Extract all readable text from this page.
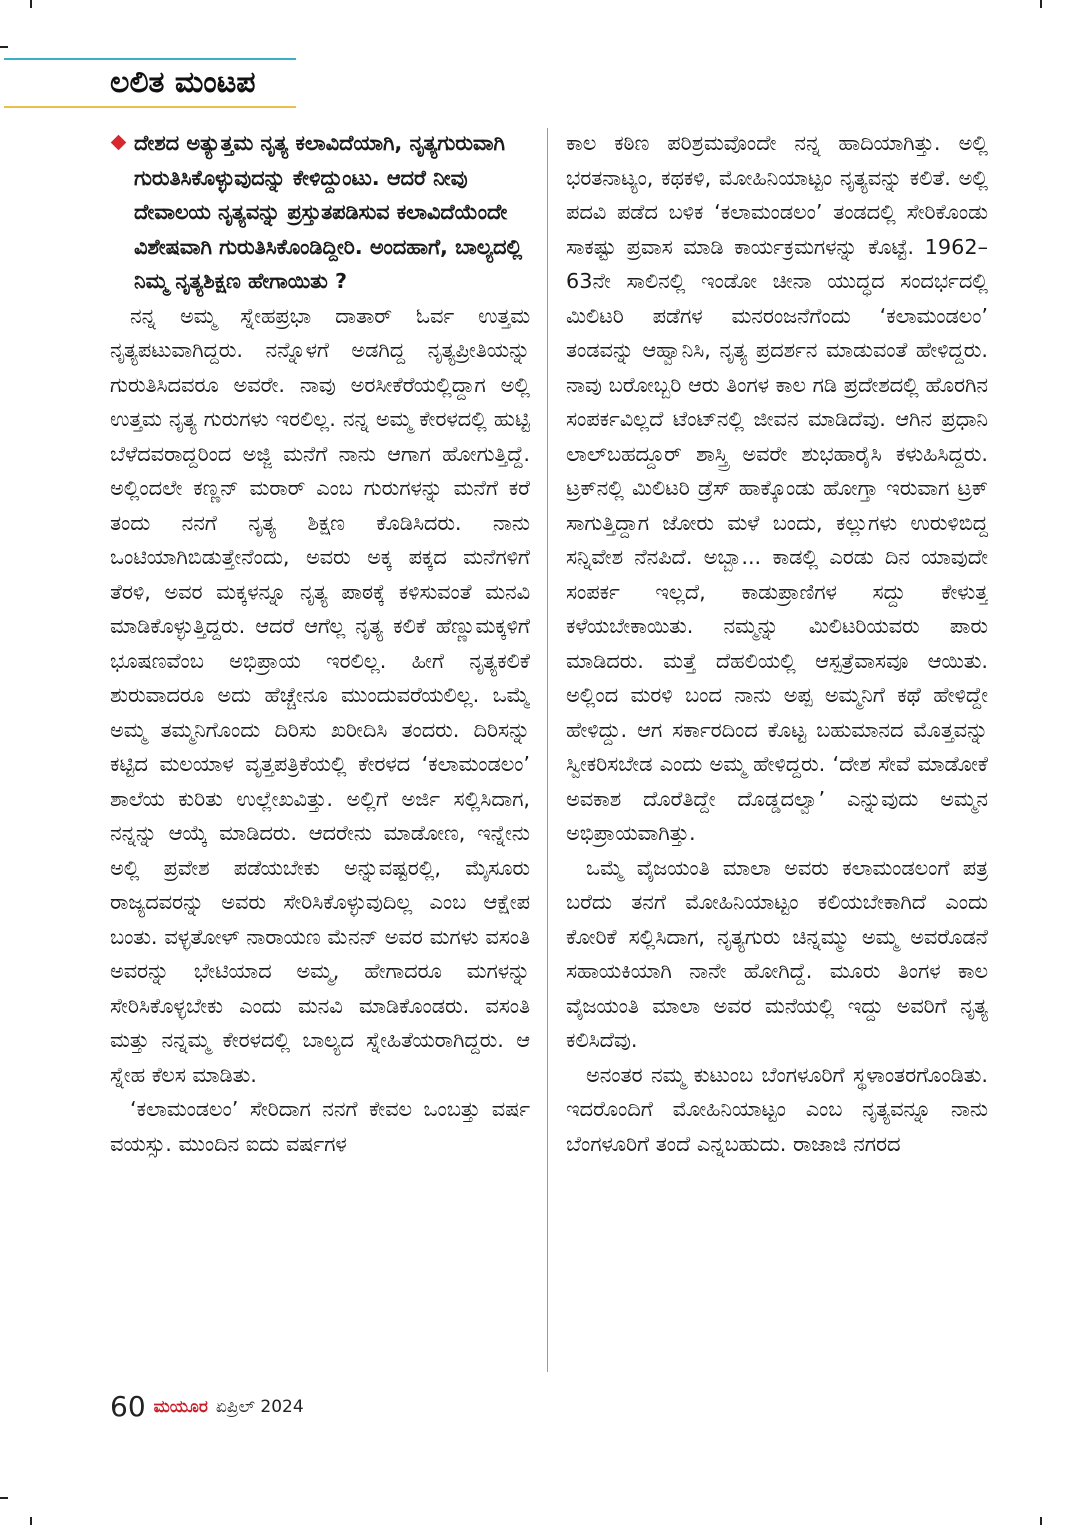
ಲಲಿತ ಮಂಟಪ
ದೇಶದ ಅತ್ಯುತ್ತಮ ನೃತ್ಯ ಕಲಾವಿದೆಯಾಗಿ, ನೃತ್ಯಗುರುವಾಗಿ ಗುರುತಿಸಿಕೊಳ್ಳುವುದನ್ನು ಕೇಳಿದ್ದುಂಟು. ಆದರೆ ನೀವು ದೇವಾಲಯ ನೃತ್ಯವನ್ನು ಪ್ರಸ್ತುತಪಡಿಸುವ ಕಲಾವಿದೆಯೆಂದೇ ವಿಶೇಷವಾಗಿ ಗುರುತಿಸಿಕೊಂಡಿದ್ದೀರಿ. ಅಂದಹಾಗೆ, ಬಾಲ್ಯದಲ್ಲಿ ನಿಮ್ಮ ನೃತ್ಯಶಿಕ್ಷಣ ಹೇಗಾಯಿತು ?

ನನ್ನ ಅಮ್ಮ ಸ್ನೇಹಪ್ರಭಾ ದಾತಾರ್ ಓರ್ವ ಉತ್ತಮ ನೃತ್ಯಪಟುವಾಗಿದ್ದರು. ನನ್ನೊಳಗೆ ಅಡಗಿದ್ದ ನೃತ್ಯಪ್ರೀತಿಯನ್ನು ಗುರುತಿಸಿದವರೂ ಅವರೇ. ನಾವು ಅರಸೀಕೆರೆಯಲ್ಲಿದ್ದಾಗ ಅಲ್ಲಿ ಉತ್ತಮ ನೃತ್ಯ ಗುರುಗಳು ಇರಲಿಲ್ಲ. ನನ್ನ ಅಮ್ಮ ಕೇರಳದಲ್ಲಿ ಹುಟ್ಟಿ ಬೆಳೆದವರಾದ್ದರಿಂದ ಅಜ್ಜಿ ಮನೆಗೆ ನಾನು ಆಗಾಗ ಹೋಗುತ್ತಿದ್ದೆ. ಅಲ್ಲಿಂದಲೇ ಕಣ್ಣನ್ ಮರಾರ್ ಎಂಬ ಗುರುಗಳನ್ನು ಮನೆಗೆ ಕರೆ ತಂದು ನನಗೆ ನೃತ್ಯ ಶಿಕ್ಷಣ ಕೊಡಿಸಿದರು. ನಾನು ಒಂಟಿಯಾಗಿಬಿಡುತ್ತೇನೆಂದು, ಅವರು ಅಕ್ಕ ಪಕ್ಕದ ಮನೆಗಳಿಗೆ ತೆರಳಿ, ಅವರ ಮಕ್ಕಳನ್ನೂ ನೃತ್ಯ ಪಾಠಕ್ಕೆ ಕಳಿಸುವಂತೆ ಮನವಿ ಮಾಡಿಕೊಳ್ಳುತ್ತಿದ್ದರು. ಆದರೆ ಆಗೆಲ್ಲ ನೃತ್ಯ ಕಲಿಕೆ ಹೆಣ್ಣುಮಕ್ಕಳಿಗೆ ಭೂಷಣವೆಂಬ ಅಭಿಪ್ರಾಯ ಇರಲಿಲ್ಲ. ಹೀಗೆ ನೃತ್ಯಕಲಿಕೆ ಶುರುವಾದರೂ ಅದು ಹೆಚ್ಚೇನೂ ಮುಂದುವರೆಯಲಿಲ್ಲ. ಒಮ್ಮೆ ಅಮ್ಮ ತಮ್ಮನಿಗೊಂದು ದಿರಿಸು ಖರೀದಿಸಿ ತಂದರು. ದಿರಿಸನ್ನು ಕಟ್ಟಿದ ಮಲಯಾಳ ವೃತ್ತಪತ್ರಿಕೆಯಲ್ಲಿ ಕೇರಳದ ‘ಕಲಾಮಂಡಲಂ’ ಶಾಲೆಯ ಕುರಿತು ಉಲ್ಲೇಖವಿತ್ತು. ಅಲ್ಲಿಗೆ ಅರ್ಜಿ ಸಲ್ಲಿಸಿದಾಗ, ನನ್ನನ್ನು ಆಯ್ಕೆ ಮಾಡಿದರು. ಆದರೇನು ಮಾಡೋಣ, ಇನ್ನೇನು ಅಲ್ಲಿ ಪ್ರವೇಶ ಪಡೆಯಬೇಕು ಅನ್ನುವಷ್ಟರಲ್ಲಿ, ಮೈಸೂರು ರಾಜ್ಯದವರನ್ನು ಅವರು ಸೇರಿಸಿಕೊಳ್ಳುವುದಿಲ್ಲ ಎಂಬ ಆಕ್ಷೇಪ ಬಂತು. ವಳ್ಳತೋಳ್ ನಾರಾಯಣ ಮೆನನ್ ಅವರ ಮಗಳು ವಸಂತಿ ಅವರನ್ನು ಭೇಟಿಯಾದ ಅಮ್ಮ, ಹೇಗಾದರೂ ಮಗಳನ್ನು ಸೇರಿಸಿಕೊಳ್ಳಬೇಕು ಎಂದು ಮನವಿ ಮಾಡಿಕೊಂಡರು. ವಸಂತಿ ಮತ್ತು ನನ್ನಮ್ಮ ಕೇರಳದಲ್ಲಿ ಬಾಲ್ಯದ ಸ್ನೇಹಿತೆಯರಾಗಿದ್ದರು. ಆ ಸ್ನೇಹ ಕೆಲಸ ಮಾಡಿತು.

‘ಕಲಾಮಂಡಲಂ’ ಸೇರಿದಾಗ ನನಗೆ ಕೇವಲ ಒಂಬತ್ತು ವರ್ಷ ವಯಸ್ಸು. ಮುಂದಿನ ಐದು ವರ್ಷಗಳ

ಕಾಲ ಕಠಿಣ ಪರಿಶ್ರಮವೊಂದೇ ನನ್ನ ಹಾದಿಯಾಗಿತ್ತು. ಅಲ್ಲಿ ಭರತನಾಟ್ಯಂ, ಕಥಕಳಿ, ಮೋಹಿನಿಯಾಟ್ಟಂ ನೃತ್ಯವನ್ನು ಕಲಿತೆ. ಅಲ್ಲಿ ಪದವಿ ಪಡೆದ ಬಳಿಕ ‘ಕಲಾಮಂಡಲಂ’ ತಂಡದಲ್ಲಿ ಸೇರಿಕೊಂಡು ಸಾಕಷ್ಟು ಪ್ರವಾಸ ಮಾಡಿ ಕಾರ್ಯಕ್ರಮಗಳನ್ನು ಕೊಟ್ಟೆ. 1962–63ನೇ ಸಾಲಿನಲ್ಲಿ ಇಂಡೋ ಚೀನಾ ಯುದ್ಧದ ಸಂದರ್ಭದಲ್ಲಿ ಮಿಲಿಟರಿ ಪಡೆಗಳ ಮನರಂಜನೆಗೆಂದು ‘ಕಲಾಮಂಡಲಂ’ ತಂಡವನ್ನು ಆಹ್ವಾನಿಸಿ, ನೃತ್ಯ ಪ್ರದರ್ಶನ ಮಾಡುವಂತೆ ಹೇಳಿದ್ದರು. ನಾವು ಬರೋಬ್ಬರಿ ಆರು ತಿಂಗಳ ಕಾಲ ಗಡಿ ಪ್ರದೇಶದಲ್ಲಿ ಹೊರಗಿನ ಸಂಪರ್ಕವಿಲ್ಲದೆ ಟೆಂಟ್‌ನಲ್ಲಿ ಜೀವನ ಮಾಡಿದೆವು. ಆಗಿನ ಪ್ರಧಾನಿ ಲಾಲ್‌ಬಹದ್ದೂರ್ ಶಾಸ್ತ್ರಿ ಅವರೇ ಶುಭಹಾರೈಸಿ ಕಳುಹಿಸಿದ್ದರು. ಟ್ರಕ್‌ನಲ್ಲಿ ಮಿಲಿಟರಿ ಡ್ರೆಸ್ ಹಾಕ್ಕೊಂಡು ಹೋಗ್ತಾ ಇರುವಾಗ ಟ್ರಕ್ ಸಾಗುತ್ತಿದ್ದಾಗ ಜೋರು ಮಳೆ ಬಂದು, ಕಲ್ಲುಗಳು ಉರುಳಿಬಿದ್ದ ಸನ್ನಿವೇಶ ನೆನಪಿದೆ. ಅಬ್ಬಾ... ಕಾಡಲ್ಲಿ ಎರಡು ದಿನ ಯಾವುದೇ ಸಂಪರ್ಕ ಇಲ್ಲದೆ, ಕಾಡುಪ್ರಾಣಿಗಳ ಸದ್ದು ಕೇಳುತ್ತ ಕಳೆಯಬೇಕಾಯಿತು. ನಮ್ಮನ್ನು ಮಿಲಿಟರಿಯವರು ಪಾರು ಮಾಡಿದರು. ಮತ್ತೆ ದೆಹಲಿಯಲ್ಲಿ ಆಸ್ಪತ್ರೆವಾಸವೂ ಆಯಿತು. ಅಲ್ಲಿಂದ ಮರಳಿ ಬಂದ ನಾನು ಅಪ್ಪ ಅಮ್ಮನಿಗೆ ಕಥೆ ಹೇಳಿದ್ದೇ ಹೇಳಿದ್ದು. ಆಗ ಸರ್ಕಾರದಿಂದ ಕೊಟ್ಟ ಬಹುಮಾನದ ಮೊತ್ತವನ್ನು ಸ್ವೀಕರಿಸಬೇಡ ಎಂದು ಅಮ್ಮ ಹೇಳಿದ್ದರು. ‘ದೇಶ ಸೇವೆ ಮಾಡೋಕೆ ಅವಕಾಶ ದೊರೆತಿದ್ದೇ ದೊಡ್ಡದಲ್ವಾ’ ಎನ್ನುವುದು ಅಮ್ಮನ ಅಭಿಪ್ರಾಯವಾಗಿತ್ತು.

ಒಮ್ಮೆ ವೈಜಯಂತಿ ಮಾಲಾ ಅವರು ಕಲಾಮಂಡಲಂಗೆ ಪತ್ರ ಬರೆದು ತನಗೆ ಮೋಹಿನಿಯಾಟ್ಟಂ ಕಲಿಯಬೇಕಾಗಿದೆ ಎಂದು ಕೋರಿಕೆ ಸಲ್ಲಿಸಿದಾಗ, ನೃತ್ಯಗುರು ಚಿನ್ನಮ್ಮು ಅಮ್ಮ ಅವರೊಡನೆ ಸಹಾಯಕಿಯಾಗಿ ನಾನೇ ಹೋಗಿದ್ದೆ. ಮೂರು ತಿಂಗಳ ಕಾಲ ವೈಜಯಂತಿ ಮಾಲಾ ಅವರ ಮನೆಯಲ್ಲಿ ಇದ್ದು ಅವರಿಗೆ ನೃತ್ಯ ಕಲಿಸಿದೆವು.

ಅನಂತರ ನಮ್ಮ ಕುಟುಂಬ ಬೆಂಗಳೂರಿಗೆ ಸ್ಥಳಾಂತರಗೊಂಡಿತು. ಇದರೊಂದಿಗೆ ಮೋಹಿನಿಯಾಟ್ಟಂ ಎಂಬ ನೃತ್ಯವನ್ನೂ ನಾನು ಬೆಂಗಳೂರಿಗೆ ತಂದೆ ಎನ್ನಬಹುದು. ರಾಜಾಜಿ ನಗರದ

60 ಮಯೂರ ಏಪ್ರಿಲ್ 2024
